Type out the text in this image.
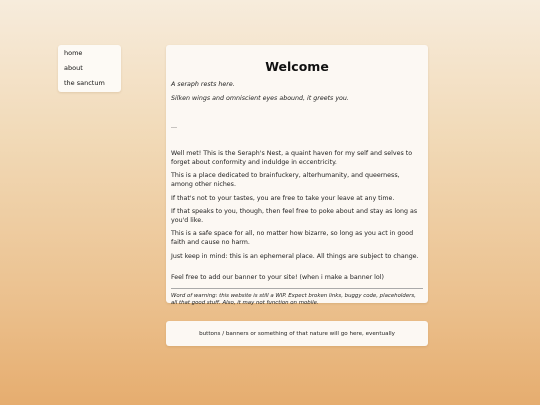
home
about
the sanctum
Welcome

A seraph rests here.

Silken wings and omniscient eyes abound, it greets you.

...

Well met! This is the Seraph's Nest, a quaint haven for my self and selves to forget about conformity and induldge in eccentricity.

This is a place dedicated to brainfuckery, alterhumanity, and queerness, among other niches.

If that's not to your tastes, you are free to take your leave at any time.

If that speaks to you, though, then feel free to poke about and stay as long as you'd like.

This is a safe space for all, no matter how bizarre, so long as you act in good faith and cause no harm.

Just keep in mind: this is an ephemeral place. All things are subject to change.

Feel free to add our banner to your site! (when i make a banner lol)

Word of warning: this website is still a WIP. Expect broken links, buggy code, placeholders, all that good stuff. Also, it may not function on mobile.

buttons / banners or something of that nature will go here, eventually
